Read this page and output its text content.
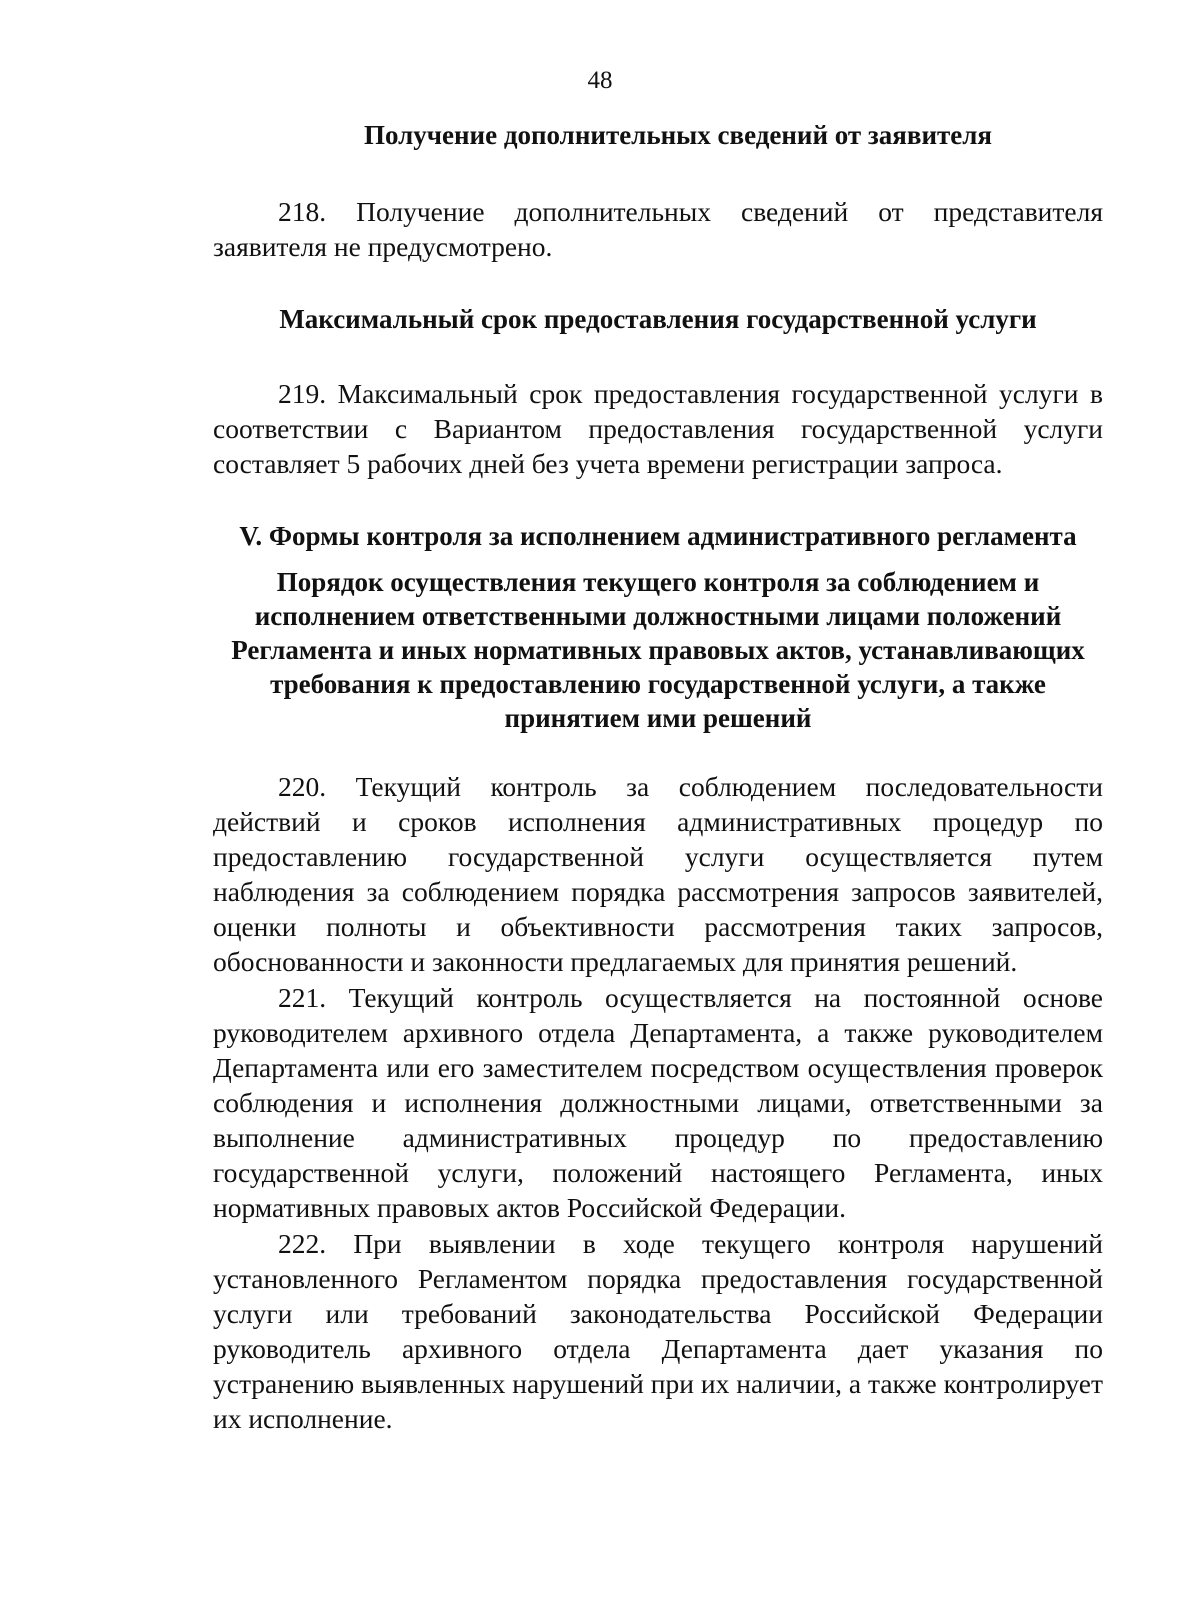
48

Получение дополнительных сведений от заявителя

218. Получение дополнительных сведений от представителя заявителя не предусмотрено.

Максимальный срок предоставления государственной услуги

219. Максимальный срок предоставления государственной услуги в соответствии с Вариантом предоставления государственной услуги составляет 5 рабочих дней без учета времени регистрации запроса.

V. Формы контроля за исполнением административного регламента

Порядок осуществления текущего контроля за соблюдением и исполнением ответственными должностными лицами положений Регламента и иных нормативных правовых актов, устанавливающих требования к предоставлению государственной услуги, а также принятием ими решений

220. Текущий контроль за соблюдением последовательности действий и сроков исполнения административных процедур по предоставлению государственной услуги осуществляется путем наблюдения за соблюдением порядка рассмотрения запросов заявителей, оценки полноты и объективности рассмотрения таких запросов, обоснованности и законности предлагаемых для принятия решений.

221. Текущий контроль осуществляется на постоянной основе руководителем архивного отдела Департамента, а также руководителем Департамента или его заместителем посредством осуществления проверок соблюдения и исполнения должностными лицами, ответственными за выполнение административных процедур по предоставлению государственной услуги, положений настоящего Регламента, иных нормативных правовых актов Российской Федерации.

222. При выявлении в ходе текущего контроля нарушений установленного Регламентом порядка предоставления государственной услуги или требований законодательства Российской Федерации руководитель архивного отдела Департамента дает указания по устранению выявленных нарушений при их наличии, а также контролирует их исполнение.
